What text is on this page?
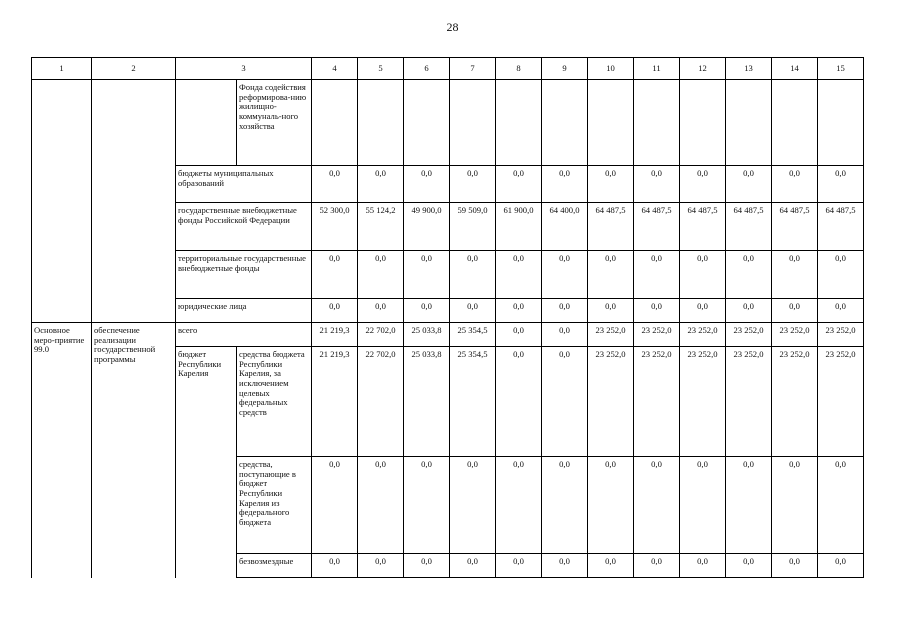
28
1	2	3		4	5	6	7	8	9	10	11	12	13	14	15
			Фонда содействия реформирова-нию жилищно-коммуналь-ного хозяйства												
		бюджеты муниципальных образований		0,0	0,0	0,0	0,0	0,0	0,0	0,0	0,0	0,0	0,0	0,0	0,0
		государственные внебюджетные фонды Российской Федерации		52 300,0	55 124,2	49 900,0	59 509,0	61 900,0	64 400,0	64 487,5	64 487,5	64 487,5	64 487,5	64 487,5	64 487,5
		территориальные государственные внебюджетные фонды		0,0	0,0	0,0	0,0	0,0	0,0	0,0	0,0	0,0	0,0	0,0	0,0
		юридические лица		0,0	0,0	0,0	0,0	0,0	0,0	0,0	0,0	0,0	0,0	0,0	0,0
Основное меро-приятие 99.0	обеспечение реализации государственной программы	всего		21 219,3	22 702,0	25 033,8	25 354,5	0,0	0,0	23 252,0	23 252,0	23 252,0	23 252,0	23 252,0	23 252,0
		бюджет Республики Карелия	средства бюджета Республики Карелия, за исключением целевых федеральных средств	21 219,3	22 702,0	25 033,8	25 354,5	0,0	0,0	23 252,0	23 252,0	23 252,0	23 252,0	23 252,0	23 252,0
			средства, поступающие в бюджет Республики Карелия из федерального бюджета	0,0	0,0	0,0	0,0	0,0	0,0	0,0	0,0	0,0	0,0	0,0	0,0
			безвозмездные	0,0	0,0	0,0	0,0	0,0	0,0	0,0	0,0	0,0	0,0	0,0	0,0
